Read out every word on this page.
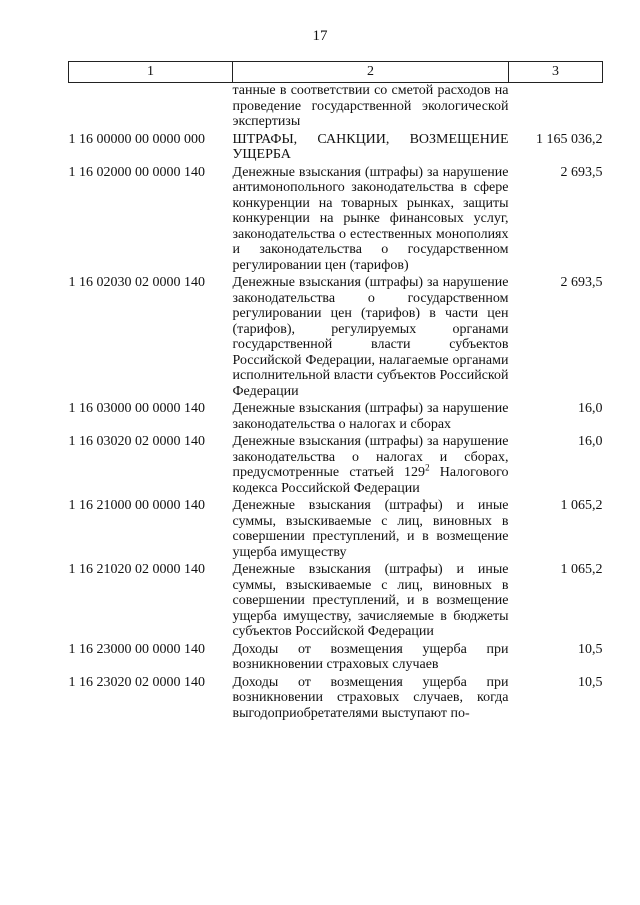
17
1	2	3
	танные в соответствии со сметой расходов на проведение государственной экологической экспертизы	
1 16 00000 00 0000 000	ШТРАФЫ, САНКЦИИ, ВОЗМЕЩЕНИЕ УЩЕРБА	1 165 036,2
1 16 02000 00 0000 140	Денежные взыскания (штрафы) за нарушение антимонопольного законодательства в сфере конкуренции на товарных рынках, защиты конкуренции на рынке финансовых услуг, законодательства о естественных монополиях и законодательства о государственном регулировании цен (тарифов)	2 693,5
1 16 02030 02 0000 140	Денежные взыскания (штрафы) за нарушение законодательства о государственном регулировании цен (тарифов) в части цен (тарифов), регулируемых органами государственной власти субъектов Российской Федерации, налагаемые органами исполнительной власти субъектов Российской Федерации	2 693,5
1 16 03000 00 0000 140	Денежные взыскания (штрафы) за нарушение законодательства о налогах и сборах	16,0
1 16 03020 02 0000 140	Денежные взыскания (штрафы) за нарушение законодательства о налогах и сборах, предусмотренные статьей $129^2$ Налогового кодекса Российской Федерации	16,0
1 16 21000 00 0000 140	Денежные взыскания (штрафы) и иные суммы, взыскиваемые с лиц, виновных в совершении преступлений, и в возмещение ущерба имуществу	1 065,2
1 16 21020 02 0000 140	Денежные взыскания (штрафы) и иные суммы, взыскиваемые с лиц, виновных в совершении преступлений, и в возмещение ущерба имуществу, зачисляемые в бюджеты субъектов Российской Федерации	1 065,2
1 16 23000 00 0000 140	Доходы от возмещения ущерба при возникновении страховых случаев	10,5
1 16 23020 02 0000 140	Доходы от возмещения ущерба при возникновении страховых случаев, когда выгодоприобретателями выступают по-	10,5
